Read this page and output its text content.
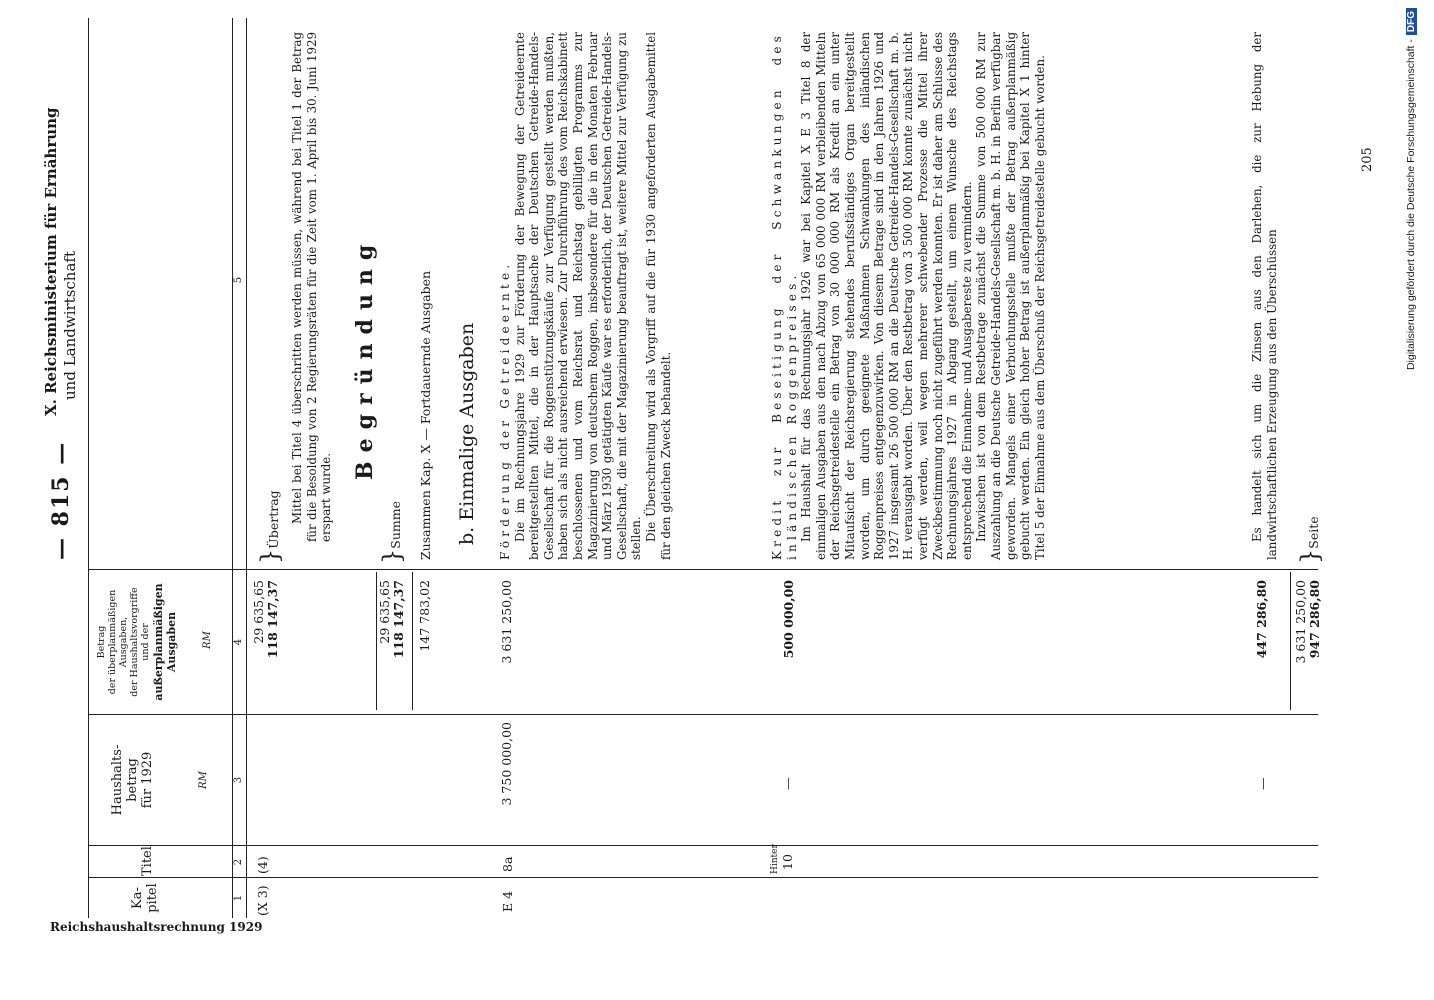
Reichshaushaltsrechnung 1929
— 815 —
X. Reichsministerium für Ernährung und Landwirtschaft
Ka-
pitel
Titel
Haushalts-
betrag
für 1929	RM
Betrag
der überplanmäßigen
Ausgaben,
der Haushaltsvorgriffe
und der außerplanmäßigen
Ausgaben RM
Begründung
1
2
3
4
5
(X 3)
(4)
29 635,65 118 147,37
}Übertrag Mittel bei Titel 4 überschritten werden müssen, während bei Titel 1 der Betrag für die Besoldung von 2 Regierungsräten für die Zeit vom 1. April bis 30. Juni 1929 erspart wurde.

29 635,65 118 147,37
}Summe
147 783,02
Zusammen Kap. X — Fortdauernde Ausgaben b. Einmalige Ausgaben
E 4
8a
3 750 000,00
3 631 250,00
Förderung der Getreideernte. Die im Rechnungsjahre 1929 zur Förderung der Bewegung der Getreideernte bereitgestellten Mittel, die in der Hauptsache der Deutschen Getreide-Handels-Gesellschaft für die Roggenstützungskäufe zur Verfügung gestellt werden mußten, haben sich als nicht ausreichend erwiesen. Zur Durchführung des vom Reichskabinett beschlossenen und vom Reichsrat und Reichstag gebilligten Programms zur Magazinierung von deutschem Roggen, insbesondere für die in den Monaten Februar und März 1930 getätigten Käufe war es erforderlich, der Deutschen Getreide-Handels-Gesellschaft, die mit der Magazinierung beauftragt ist, weitere Mittel zur Verfügung zu stellen. Die Überschreitung wird als Vorgriff auf die für 1930 angeforderten Ausgabemittel für den gleichen Zweck behandelt.

Hinter 10
—
500 000,00
Kredit zur Beseitigung der Schwankungen des inländischen Roggenpreises. Im Haushalt für das Rechnungsjahr 1926 war bei Kapitel X E 3 Titel 8 der einmaligen Ausgaben aus den nach Abzug von 65 000 000 RM verbleibenden Mitteln der Reichsgetreidestelle ein Betrag von 30 000 000 RM als Kredit an ein unter Mitaufsicht der Reichsregierung stehendes berufsständiges Organ bereitgestellt worden, um durch geeignete Maßnahmen Schwankungen des inländischen Roggenpreises entgegenzuwirken. Von diesem Betrage sind in den Jahren 1926 und 1927 insgesamt 26 500 000 RM an die Deutsche Getreide-Handels-Gesellschaft m. b. H. verausgabt worden. Über den Restbetrag von 3 500 000 RM konnte zunächst nicht verfügt werden, weil wegen mehrerer schwebender Prozesse die Mittel ihrer Zweckbestimmung noch nicht zugeführt werden konnten. Er ist daher am Schlusse des Rechnungsjahres 1927 in Abgang gestellt, um einem Wunsche des Reichstags entsprechend die Einnahme- und Ausgabereste zu vermindern. Inzwischen ist von dem Restbetrage zunächst die Summe von 500 000 RM zur Auszahlung an die Deutsche Getreide-Handels-Gesellschaft m. b. H. in Berlin verfügbar geworden. Mangels einer Verbuchungsstelle mußte der Betrag außerplanmäßig gebucht werden. Ein gleich hoher Betrag ist außerplanmäßig bei Kapitel X 1 hinter Titel 5 der Einnahme aus dem Überschuß der Reichsgetreidestelle gebucht worden.

—
447 286,80

Es handelt sich um die Zinsen aus den Darlehen, die zur Hebung der landwirtschaftlichen Erzeugung aus den Überschüssen

3 631 250,00 947 286,80
}Seite
205	Digitalisierung gefördert durch die Deutsche Forschungsgemeinschaft -DFG
